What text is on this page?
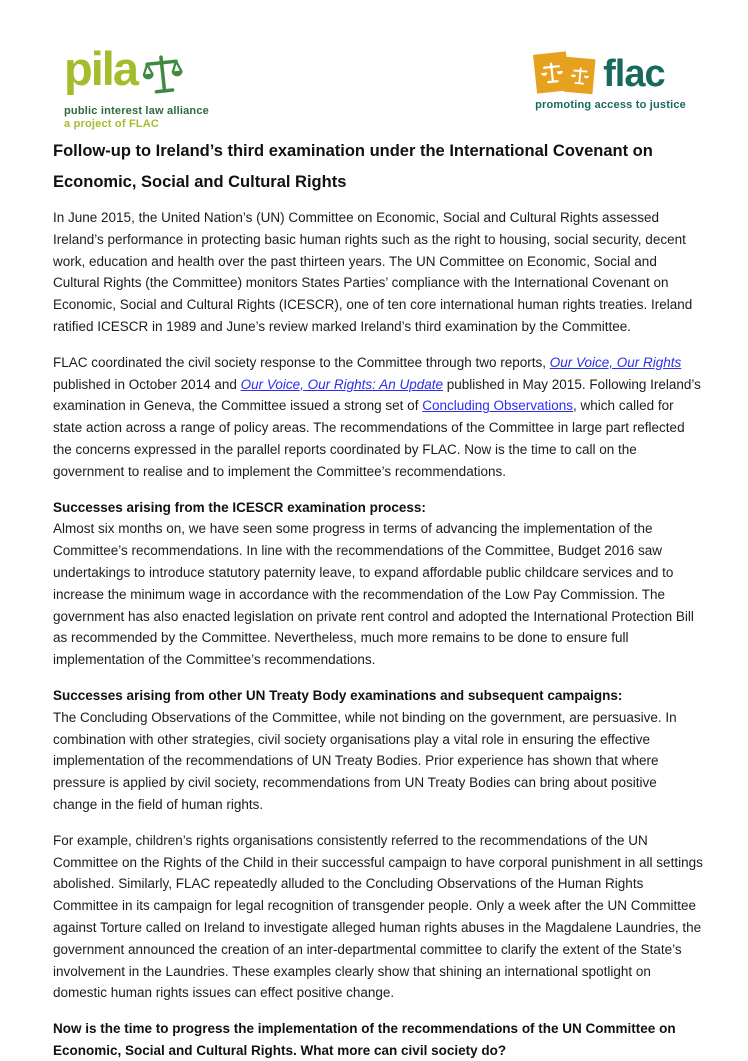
pila
public interest law alliance
a project of FLAC
flac
promoting access to justice
Follow-up to Ireland’s third examination under the International Covenant on Economic, Social and Cultural Rights
In June 2015, the United Nation’s (UN) Committee on Economic, Social and Cultural Rights assessed Ireland’s performance in protecting basic human rights such as the right to housing, social security, decent work, education and health over the past thirteen years. The UN Committee on Economic, Social and Cultural Rights (the Committee) monitors States Parties’ compliance with the International Covenant on Economic, Social and Cultural Rights (ICESCR), one of ten core international human rights treaties. Ireland ratified ICESCR in 1989 and June’s review marked Ireland’s third examination by the Committee.
FLAC coordinated the civil society response to the Committee through two reports, Our Voice, Our Rights published in October 2014 and Our Voice, Our Rights: An Update published in May 2015. Following Ireland’s examination in Geneva, the Committee issued a strong set of Concluding Observations, which called for state action across a range of policy areas. The recommendations of the Committee in large part reflected the concerns expressed in the parallel reports coordinated by FLAC. Now is the time to call on the government to realise and to implement the Committee’s recommendations.
Successes arising from the ICESCR examination process:
Almost six months on, we have seen some progress in terms of advancing the implementation of the Committee’s recommendations. In line with the recommendations of the Committee, Budget 2016 saw undertakings to introduce statutory paternity leave, to expand affordable public childcare services and to increase the minimum wage in accordance with the recommendation of the Low Pay Commission. The government has also enacted legislation on private rent control and adopted the International Protection Bill as recommended by the Committee. Nevertheless, much more remains to be done to ensure full implementation of the Committee’s recommendations.
Successes arising from other UN Treaty Body examinations and subsequent campaigns:
The Concluding Observations of the Committee, while not binding on the government, are persuasive. In combination with other strategies, civil society organisations play a vital role in ensuring the effective implementation of the recommendations of UN Treaty Bodies. Prior experience has shown that where pressure is applied by civil society, recommendations from UN Treaty Bodies can bring about positive change in the field of human rights.
For example, children’s rights organisations consistently referred to the recommendations of the UN Committee on the Rights of the Child in their successful campaign to have corporal punishment in all settings abolished. Similarly, FLAC repeatedly alluded to the Concluding Observations of the Human Rights Committee in its campaign for legal recognition of transgender people. Only a week after the UN Committee against Torture called on Ireland to investigate alleged human rights abuses in the Magdalene Laundries, the government announced the creation of an inter-departmental committee to clarify the extent of the State’s involvement in the Laundries. These examples clearly show that shining an international spotlight on domestic human rights issues can effect positive change.
Now is the time to progress the implementation of the recommendations of the UN Committee on Economic, Social and Cultural Rights. What more can civil society do?
